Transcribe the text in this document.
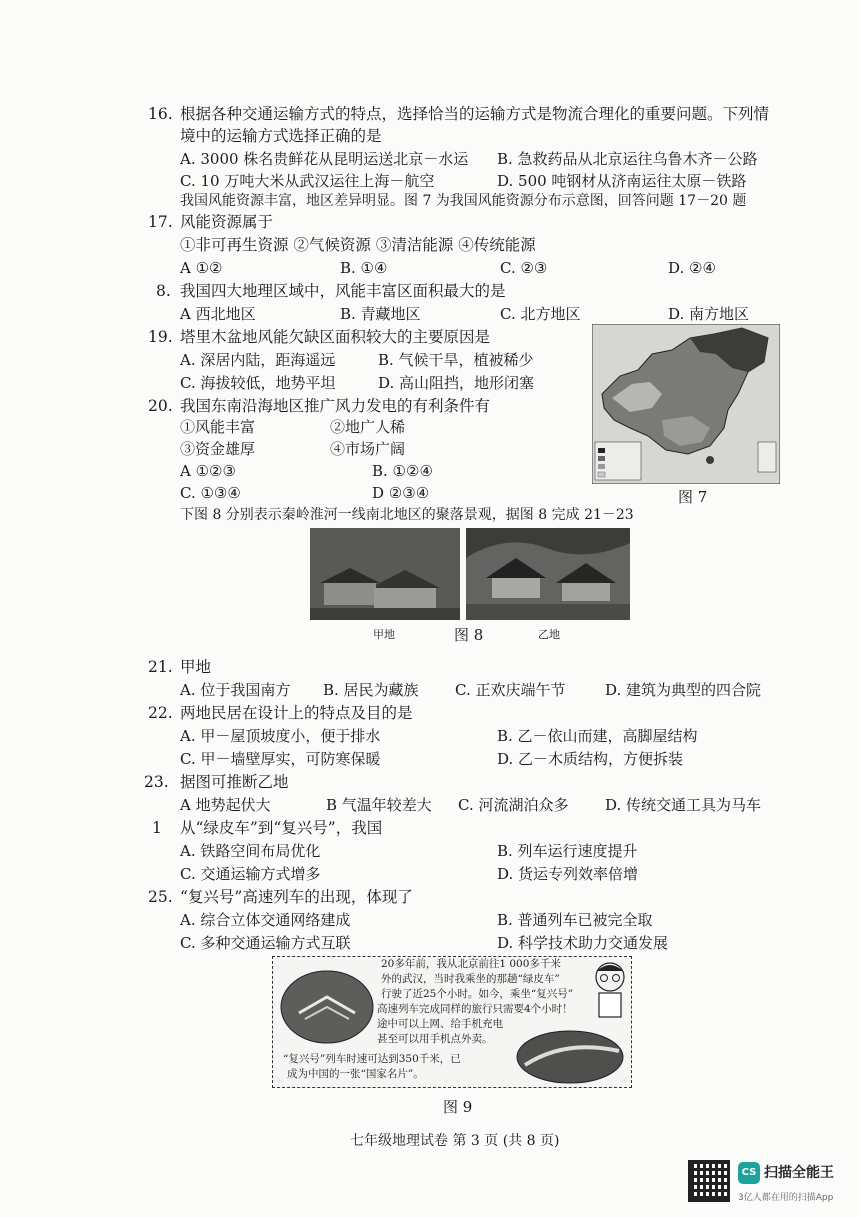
16. 根据各种交通运输方式的特点，选择恰当的运输方式是物流合理化的重要问题。下列情
境中的运输方式选择正确的是
A. 3000 株名贵鲜花从昆明运送北京－水运 B. 急救药品从北京运往乌鲁木齐－公路
C. 10 万吨大米从武汉运往上海－航空	D. 500 吨钢材从济南运往太原－铁路
我国风能资源丰富，地区差异明显。图 7 为我国风能资源分布示意图，回答问题 17－20 题
17. 风能资源属于
①非可再生资源 ②气候资源 ③清洁能源 ④传统能源
A ①②	B. ①④	C. ②③	D. ②④
8. 我国四大地理区域中，风能丰富区面积最大的是
A 西北地区	B. 青藏地区	C. 北方地区	D. 南方地区
19. 塔里木盆地风能欠缺区面积较大的主要原因是
A. 深居内陆，距海遥远	B. 气候干旱，植被稀少
C. 海拔较低，地势平坦	D. 高山阻挡，地形闭塞
20. 我国东南沿海地区推广风力发电的有利条件有
①风能丰富	②地广人稀
③资金雄厚	④市场广阔
A ①②③	B. ①②④
C. ①③④	D ②③④	图 7
下图 8 分别表示秦岭淮河一线南北地区的聚落景观，据图 8 完成 21－23
甲地	图 8	乙地
21. 甲地
A. 位于我国南方 B. 居民为藏族 C. 正欢庆端午节	D. 建筑为典型的四合院
22. 两地民居在设计上的特点及目的是
A. 甲－屋顶坡度小，便于排水	B. 乙－依山而建，高脚屋结构
C. 甲－墙壁厚实，可防寒保暖	D. 乙－木质结构，方便拆装
23. 据图可推断乙地
A 地势起伏大	B 气温年较差大 C. 河流湖泊众多 D. 传统交通工具为马车
1 从“绿皮车”到“复兴号”，我国
A. 铁路空间布局优化	B. 列车运行速度提升
C. 交通运输方式增多	D. 货运专列效率倍增
25. “复兴号”高速列车的出现，体现了
A. 综合立体交通网络建成	B. 普通列车已被完全取
C. 多种交通运输方式互联	D. 科学技术助力交通发展
20多年前，我从北京前往1 000多千米
外的武汉，当时我乘坐的那趟“绿皮车”
行驶了近25个小时。如今，乘坐“复兴号”
高速列车完成同样的旅行只需要4个小时！
途中可以上网、给手机充电
甚至可以用手机点外卖。
“复兴号”列车时速可达到350千米，已
成为中国的一张“国家名片”。
图 9
七年级地理试卷 第 3 页 (共 8 页)
CS 扫描全能王
3亿人都在用的扫描App
